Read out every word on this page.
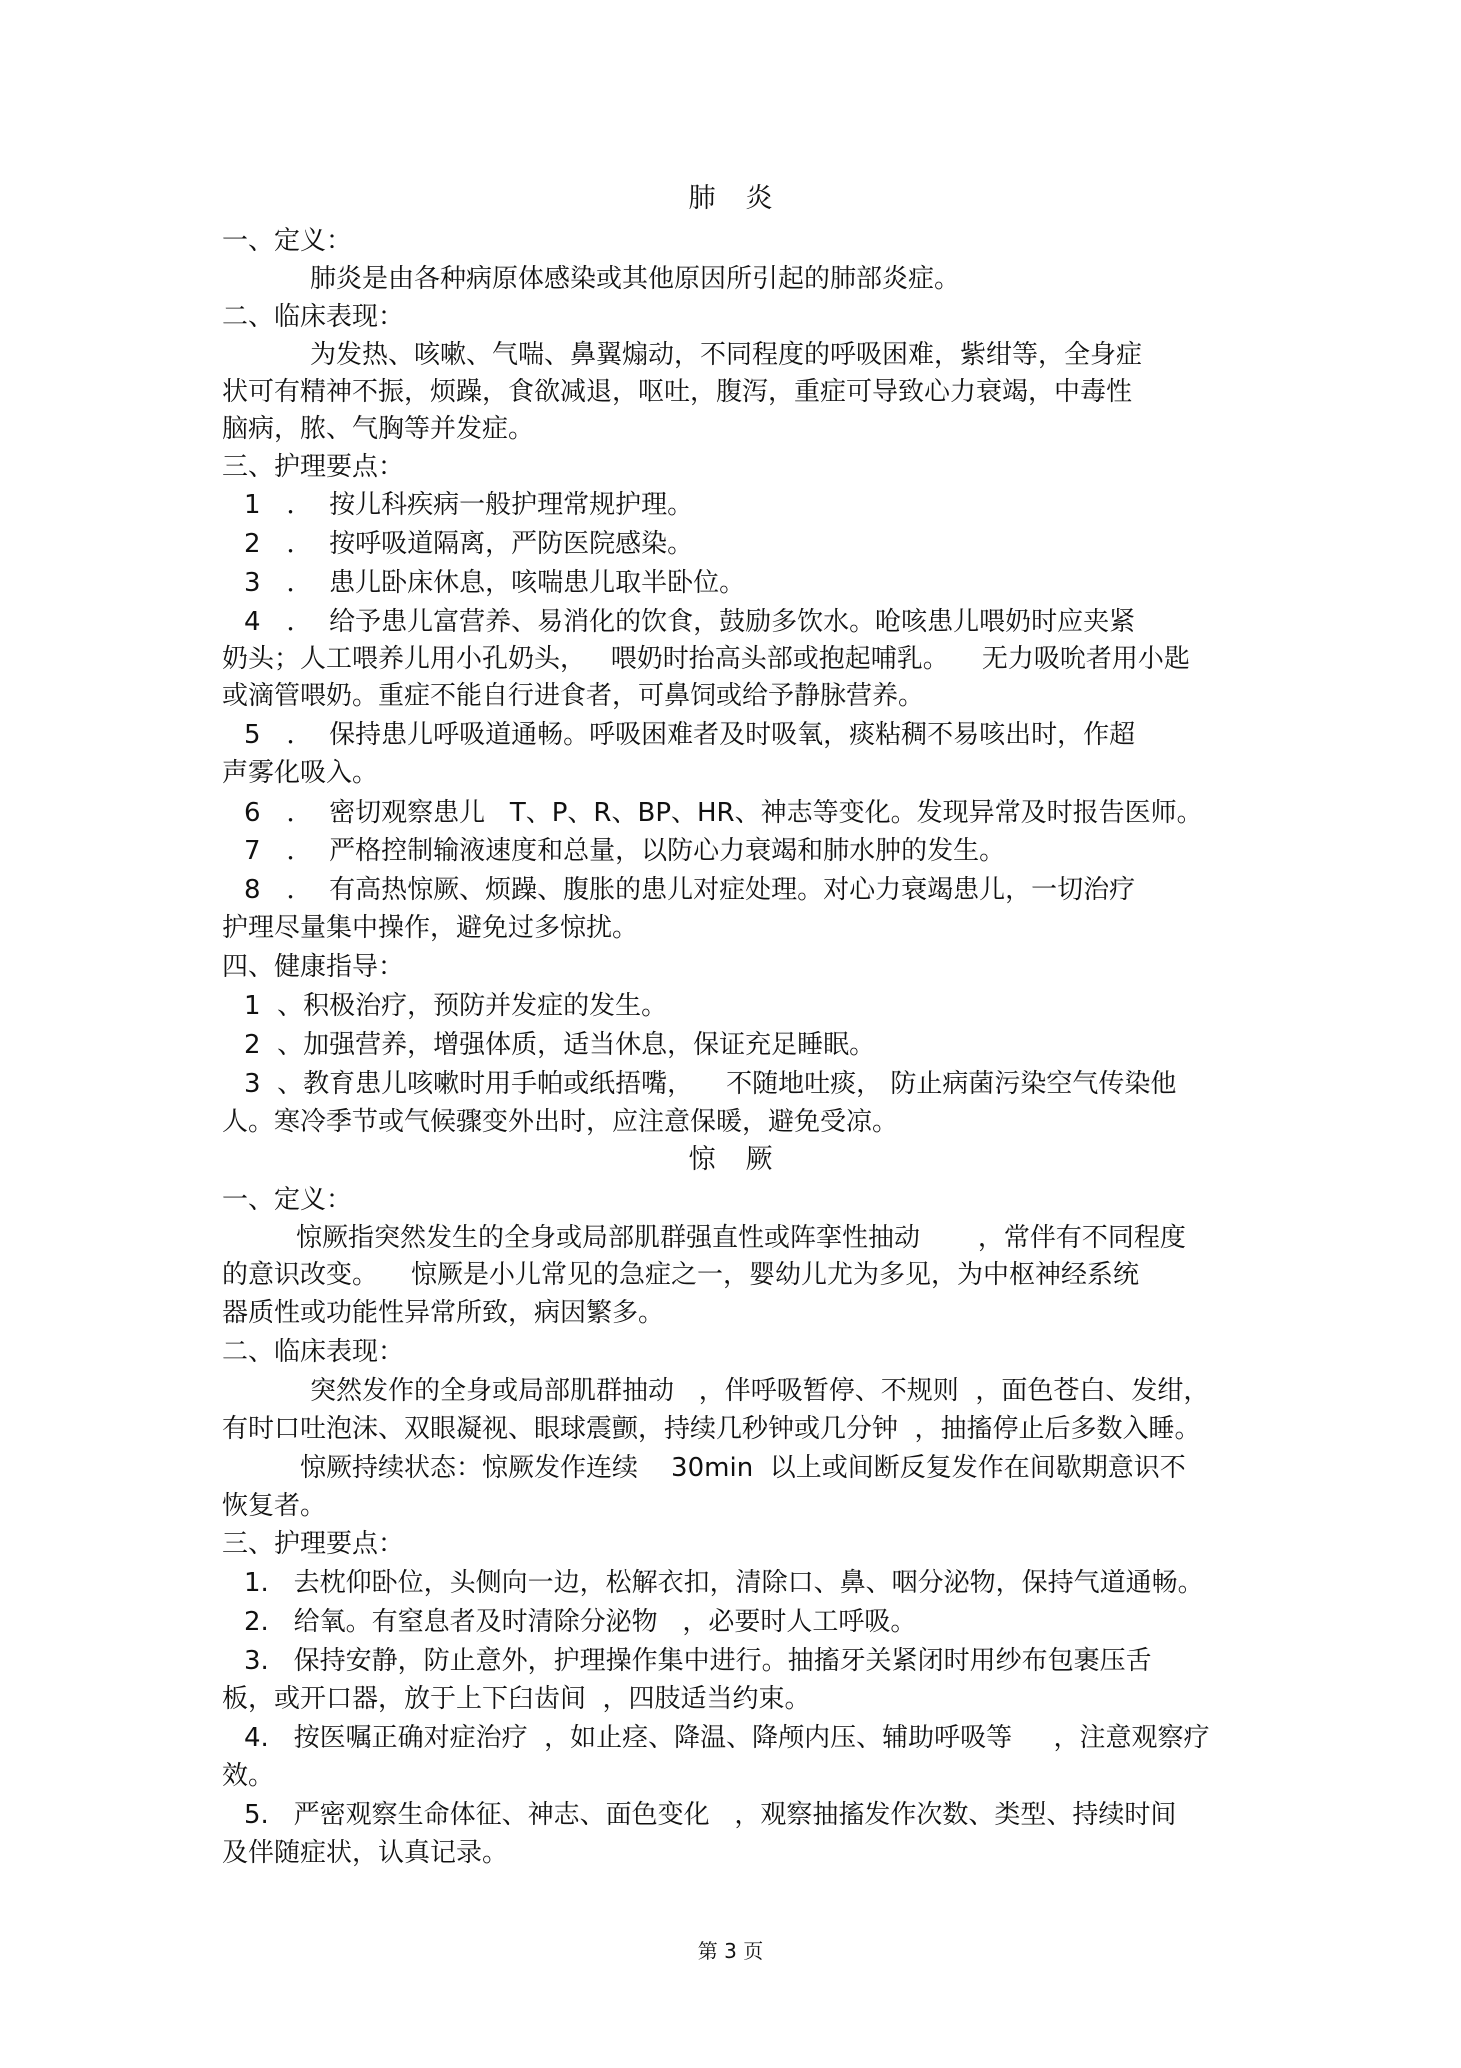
肺炎
一、定义：
肺炎是由各种病原体感染或其他原因所引起的肺部炎症。
二、临床表现：
为发热、咳嗽、气喘、鼻翼煽动，不同程度的呼吸困难，紫绀等，全身症
状可有精神不振，烦躁，食欲减退，呕吐，腹泻，重症可导致心力衰竭，中毒性
脑病，脓、气胸等并发症。
三、护理要点：
1　．  按儿科疾病一般护理常规护理。
2　．  按呼吸道隔离，严防医院感染。
3　．  患儿卧床休息，咳喘患儿取半卧位。
4　．  给予患儿富营养、易消化的饮食，鼓励多饮水。呛咳患儿喂奶时应夹紧
奶头；人工喂养儿用小孔奶头，   喂奶时抬高头部或抱起哺乳。    无力吸吮者用小匙
或滴管喂奶。重症不能自行进食者，可鼻饲或给予静脉营养。
5　．  保持患儿呼吸道通畅。呼吸困难者及时吸氧，痰粘稠不易咳出时，作超
声雾化吸入。
6　．  密切观察患儿   T、P、R、BP、HR、神志等变化。发现异常及时报告医师。
7　．  严格控制输液速度和总量，以防心力衰竭和肺水肿的发生。
8　．  有高热惊厥、烦躁、腹胀的患儿对症处理。对心力衰竭患儿，一切治疗
护理尽量集中操作，避免过多惊扰。
四、健康指导：
1  、积极治疗，预防并发症的发生。
2  、加强营养，增强体质，适当休息，保证充足睡眠。
3  、教育患儿咳嗽时用手帕或纸捂嘴，    不随地吐痰， 防止病菌污染空气传染他
人。寒冷季节或气候骤变外出时，应注意保暖，避免受凉。
惊厥
一、定义：
惊厥指突然发生的全身或局部肌群强直性或阵挛性抽动       ，常伴有不同程度
的意识改变。    惊厥是小儿常见的急症之一，婴幼儿尤为多见，为中枢神经系统
器质性或功能性异常所致，病因繁多。
二、临床表现：
突然发作的全身或局部肌群抽动   ，伴呼吸暂停、不规则  ，面色苍白、发绀，
有时口吐泡沫、双眼凝视、眼球震颤，持续几秒钟或几分钟  ，抽搐停止后多数入睡。
惊厥持续状态：惊厥发作连续    30min  以上或间断反复发作在间歇期意识不
恢复者。
三、护理要点：
1.   去枕仰卧位，头侧向一边，松解衣扣，清除口、鼻、咽分泌物，保持气道通畅。
2.   给氧。有窒息者及时清除分泌物   ，必要时人工呼吸。
3.   保持安静，防止意外，护理操作集中进行。抽搐牙关紧闭时用纱布包裹压舌
板，或开口器，放于上下臼齿间  ，四肢适当约束。
4.   按医嘱正确对症治疗  ，如止痉、降温、降颅内压、辅助呼吸等     ，注意观察疗
效。
5.   严密观察生命体征、神志、面色变化   ，观察抽搐发作次数、类型、持续时间
及伴随症状，认真记录。
第 3 页
